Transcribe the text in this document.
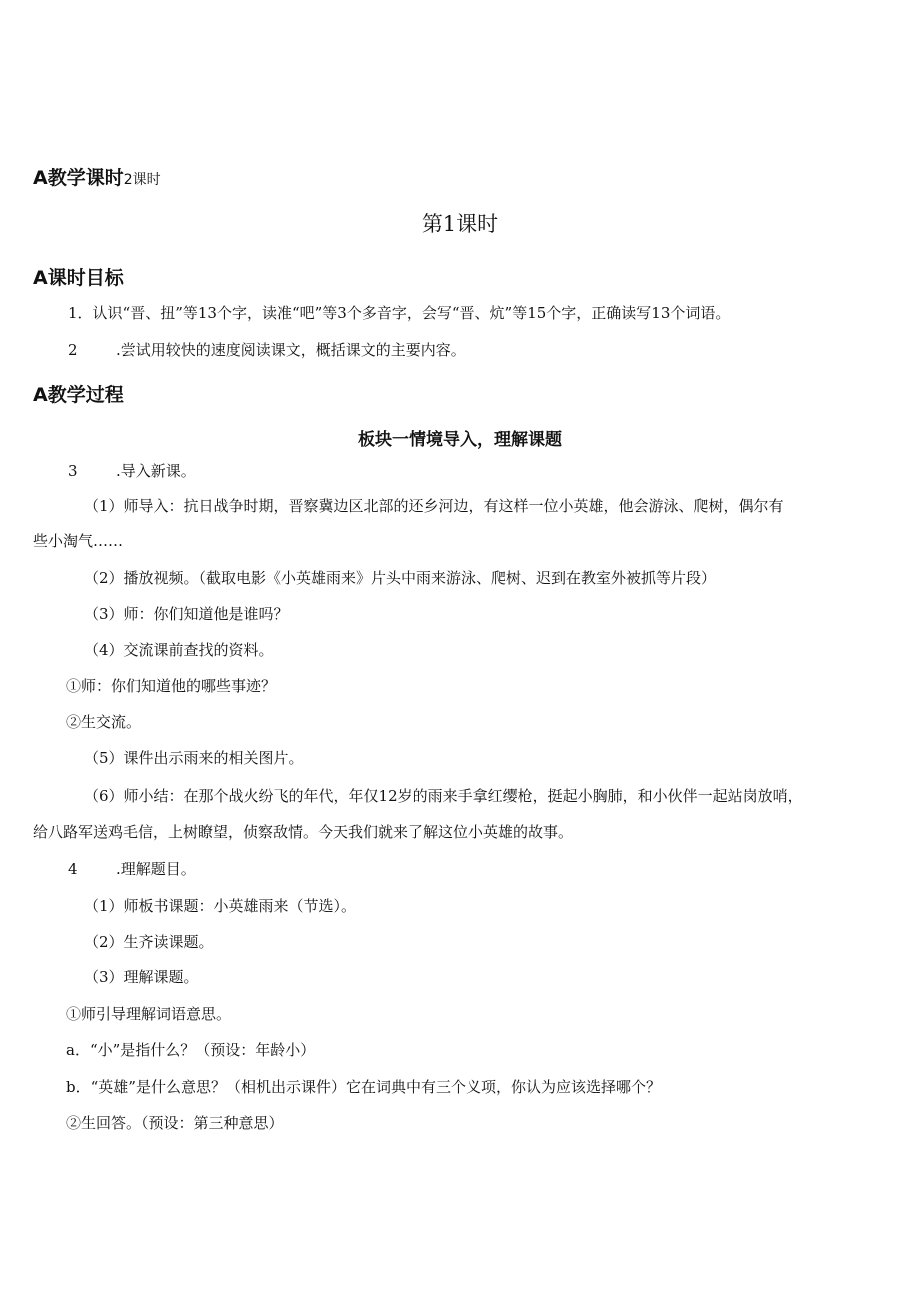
A教学课时2课时
第1课时
A课时目标
1．认识“晋、扭”等13个字，读准“吧”等3个多音字，会写“晋、炕”等15个字，正确读写13个词语。
2	.尝试用较快的速度阅读课文，概括课文的主要内容。
A教学过程
板块一情境导入，理解课题
3	.导入新课。
（1）师导入：抗日战争时期，晋察冀边区北部的还乡河边，有这样一位小英雄，他会游泳、爬树，偶尔有
些小淘气……
（2）播放视频。（截取电影《小英雄雨来》片头中雨来游泳、爬树、迟到在教室外被抓等片段）
（3）师：你们知道他是谁吗？
（4）交流课前查找的资料。
①师：你们知道他的哪些事迹？
②生交流。
（5）课件出示雨来的相关图片。
（6）师小结：在那个战火纷飞的年代，年仅12岁的雨来手拿红缨枪，挺起小胸肺，和小伙伴一起站岗放哨，
给八路军送鸡毛信，上树瞭望，侦察敌情。今天我们就来了解这位小英雄的故事。
4	.理解题目。
（1）师板书课题：小英雄雨来（节选）。
（2）生齐读课题。
（3）理解课题。
①师引导理解词语意思。
a．“小”是指什么？（预设：年龄小）
b．“英雄”是什么意思？（相机出示课件）它在词典中有三个义项，你认为应该选择哪个？
②生回答。（预设：第三种意思）
